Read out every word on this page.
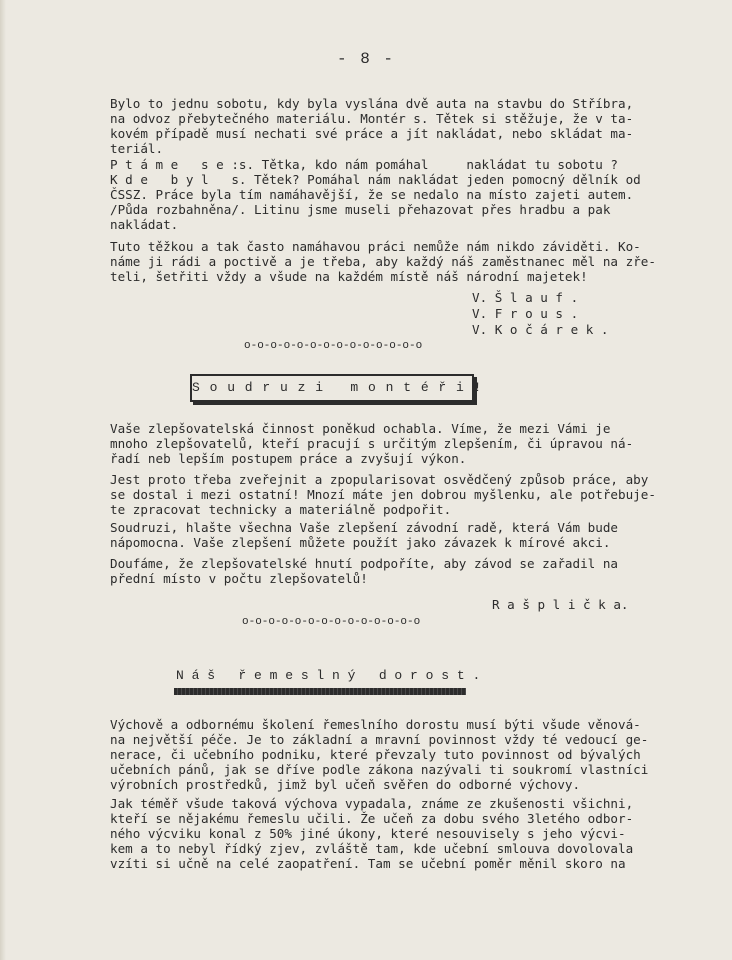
- 8 -
Bylo to jednu sobotu, kdy byla vyslána dvě auta na stavbu do Stříbra,
na odvoz přebytečného materiálu. Montér s. Tětek si stěžuje, že v ta-
kovém případě musí nechati své práce a jít nakládat, nebo skládat ma-
teriál.
P t á m e   s e :s. Tětka, kdo nám pomáhal     nakládat tu sobotu ?
K d e   b y l   s. Tětek? Pomáhal nám nakládat jeden pomocný dělník od
ČSSZ. Práce byla tím namáhavější, že se nedalo na místo zajeti autem.
/Půda rozbahněna/. Litinu jsme museli přehazovat přes hradbu a pak
nakládat.
Tuto těžkou a tak často namáhavou práci nemůže nám nikdo záviděti. Ko-
náme ji rádi a poctivě a je třeba, aby každý náš zaměstnanec měl na zře-
teli, šetřiti vždy a všude na každém místě náš národní majetek!
V. Š l a u f .
V. F r o u s .
V. K o č á r e k .
o-o-o-o-o-o-o-o-o-o-o-o-o-o
S o u d r u z i   m o n t é ř i !
Vaše zlepšovatelská činnost poněkud ochabla. Víme, že mezi Vámi je
mnoho zlepšovatelů, kteří pracují s určitým zlepšením, či úpravou ná-
řadí neb lepším postupem práce a zvyšují výkon.
Jest proto třeba zveřejnit a zpopularisovat osvědčený způsob práce, aby
se dostal i mezi ostatní! Mnozí máte jen dobrou myšlenku, ale potřebuje-
te zpracovat technicky a materiálně podpořit.
Soudruzi, hlašte všechna Vaše zlepšení závodní radě, která Vám bude
nápomocna. Vaše zlepšení můžete použít jako závazek k mírové akci.
Doufáme, že zlepšovatelské hnutí podpoříte, aby závod se zařadil na
přední místo v počtu zlepšovatelů!
R a š p l i č k a.
o-o-o-o-o-o-o-o-o-o-o-o-o-o
N á š   ř e m e s l n ý   d o r o s t .
Výchově a odbornému školení řemeslního dorostu musí býti všude věnová-
na největší péče. Je to základní a mravní povinnost vždy té vedoucí ge-
nerace, či učebního podniku, které převzaly tuto povinnost od bývalých
učebních pánů, jak se dříve podle zákona nazývali ti soukromí vlastníci
výrobních prostředků, jimž byl učeň svěřen do odborné výchovy.
Jak téměř všude taková výchova vypadala, známe ze zkušenosti všichni,
kteří se nějakému řemeslu učili. Že učeň za dobu svého 3letého odbor-
ného výcviku konal z 50% jiné úkony, které nesouvisely s jeho výcvi-
kem a to nebyl řídký zjev, zvláště tam, kde učební smlouva dovolovala
vzíti si učně na celé zaopatření. Tam se učební poměr měnil skoro na
